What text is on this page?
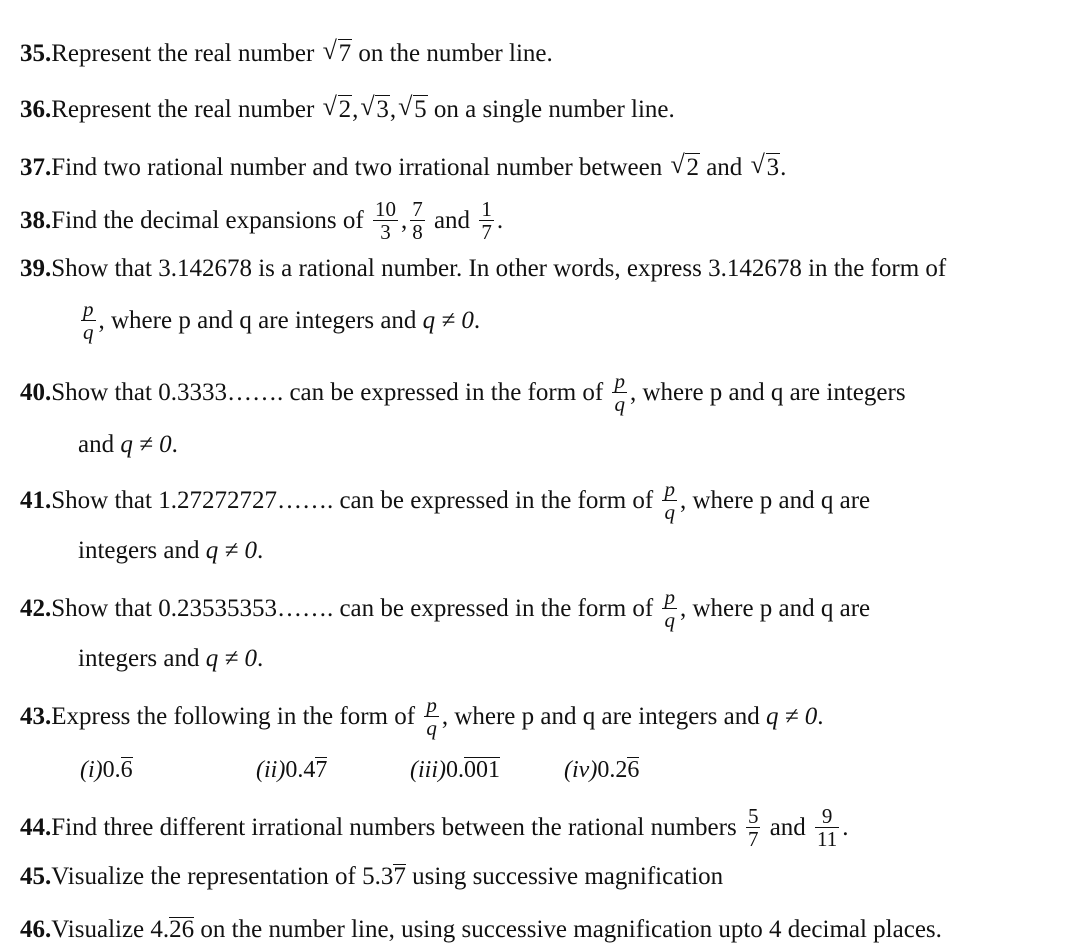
35.Represent the real number √ 7 on the number line.
36.Represent the real number √ 2, √ 3, √ 5 on a single number line.
37.Find two rational number and two irrational number between √ 2 and √ 3.
38.Find the decimal expansions of $\frac{10}{3}$ , $\frac{7}{8}$ and $\frac{1}{7}$ .
39.Show that 3.142678 is a rational number. In other words, express 3.142678 in the form of
$\frac{p}{q}$ , where p and q are integers and q ≠ 0.
40.Show that 0.3333……. can be expressed in the form of $\frac{p}{q}$ , where p and q are integers
and q ≠ 0.
41.Show that 1.27272727……. can be expressed in the form of $\frac{p}{q}$ , where p and q are
integers and q ≠ 0.
42.Show that 0.23535353……. can be expressed in the form of $\frac{p}{q}$ , where p and q are
integers and q ≠ 0.
43.Express the following in the form of $\frac{p}{q}$ , where p and q are integers and q ≠ 0.
(i)0.6	(ii)0.47	(iii)0.001	(iv)0.26
44.Find three different irrational numbers between the rational numbers $\frac{5}{7}$ and $\frac{9}{11}$ .
45.Visualize the representation of 5.37 using successive magnification
46.Visualize 4.26 on the number line, using successive magnification upto 4 decimal places.
